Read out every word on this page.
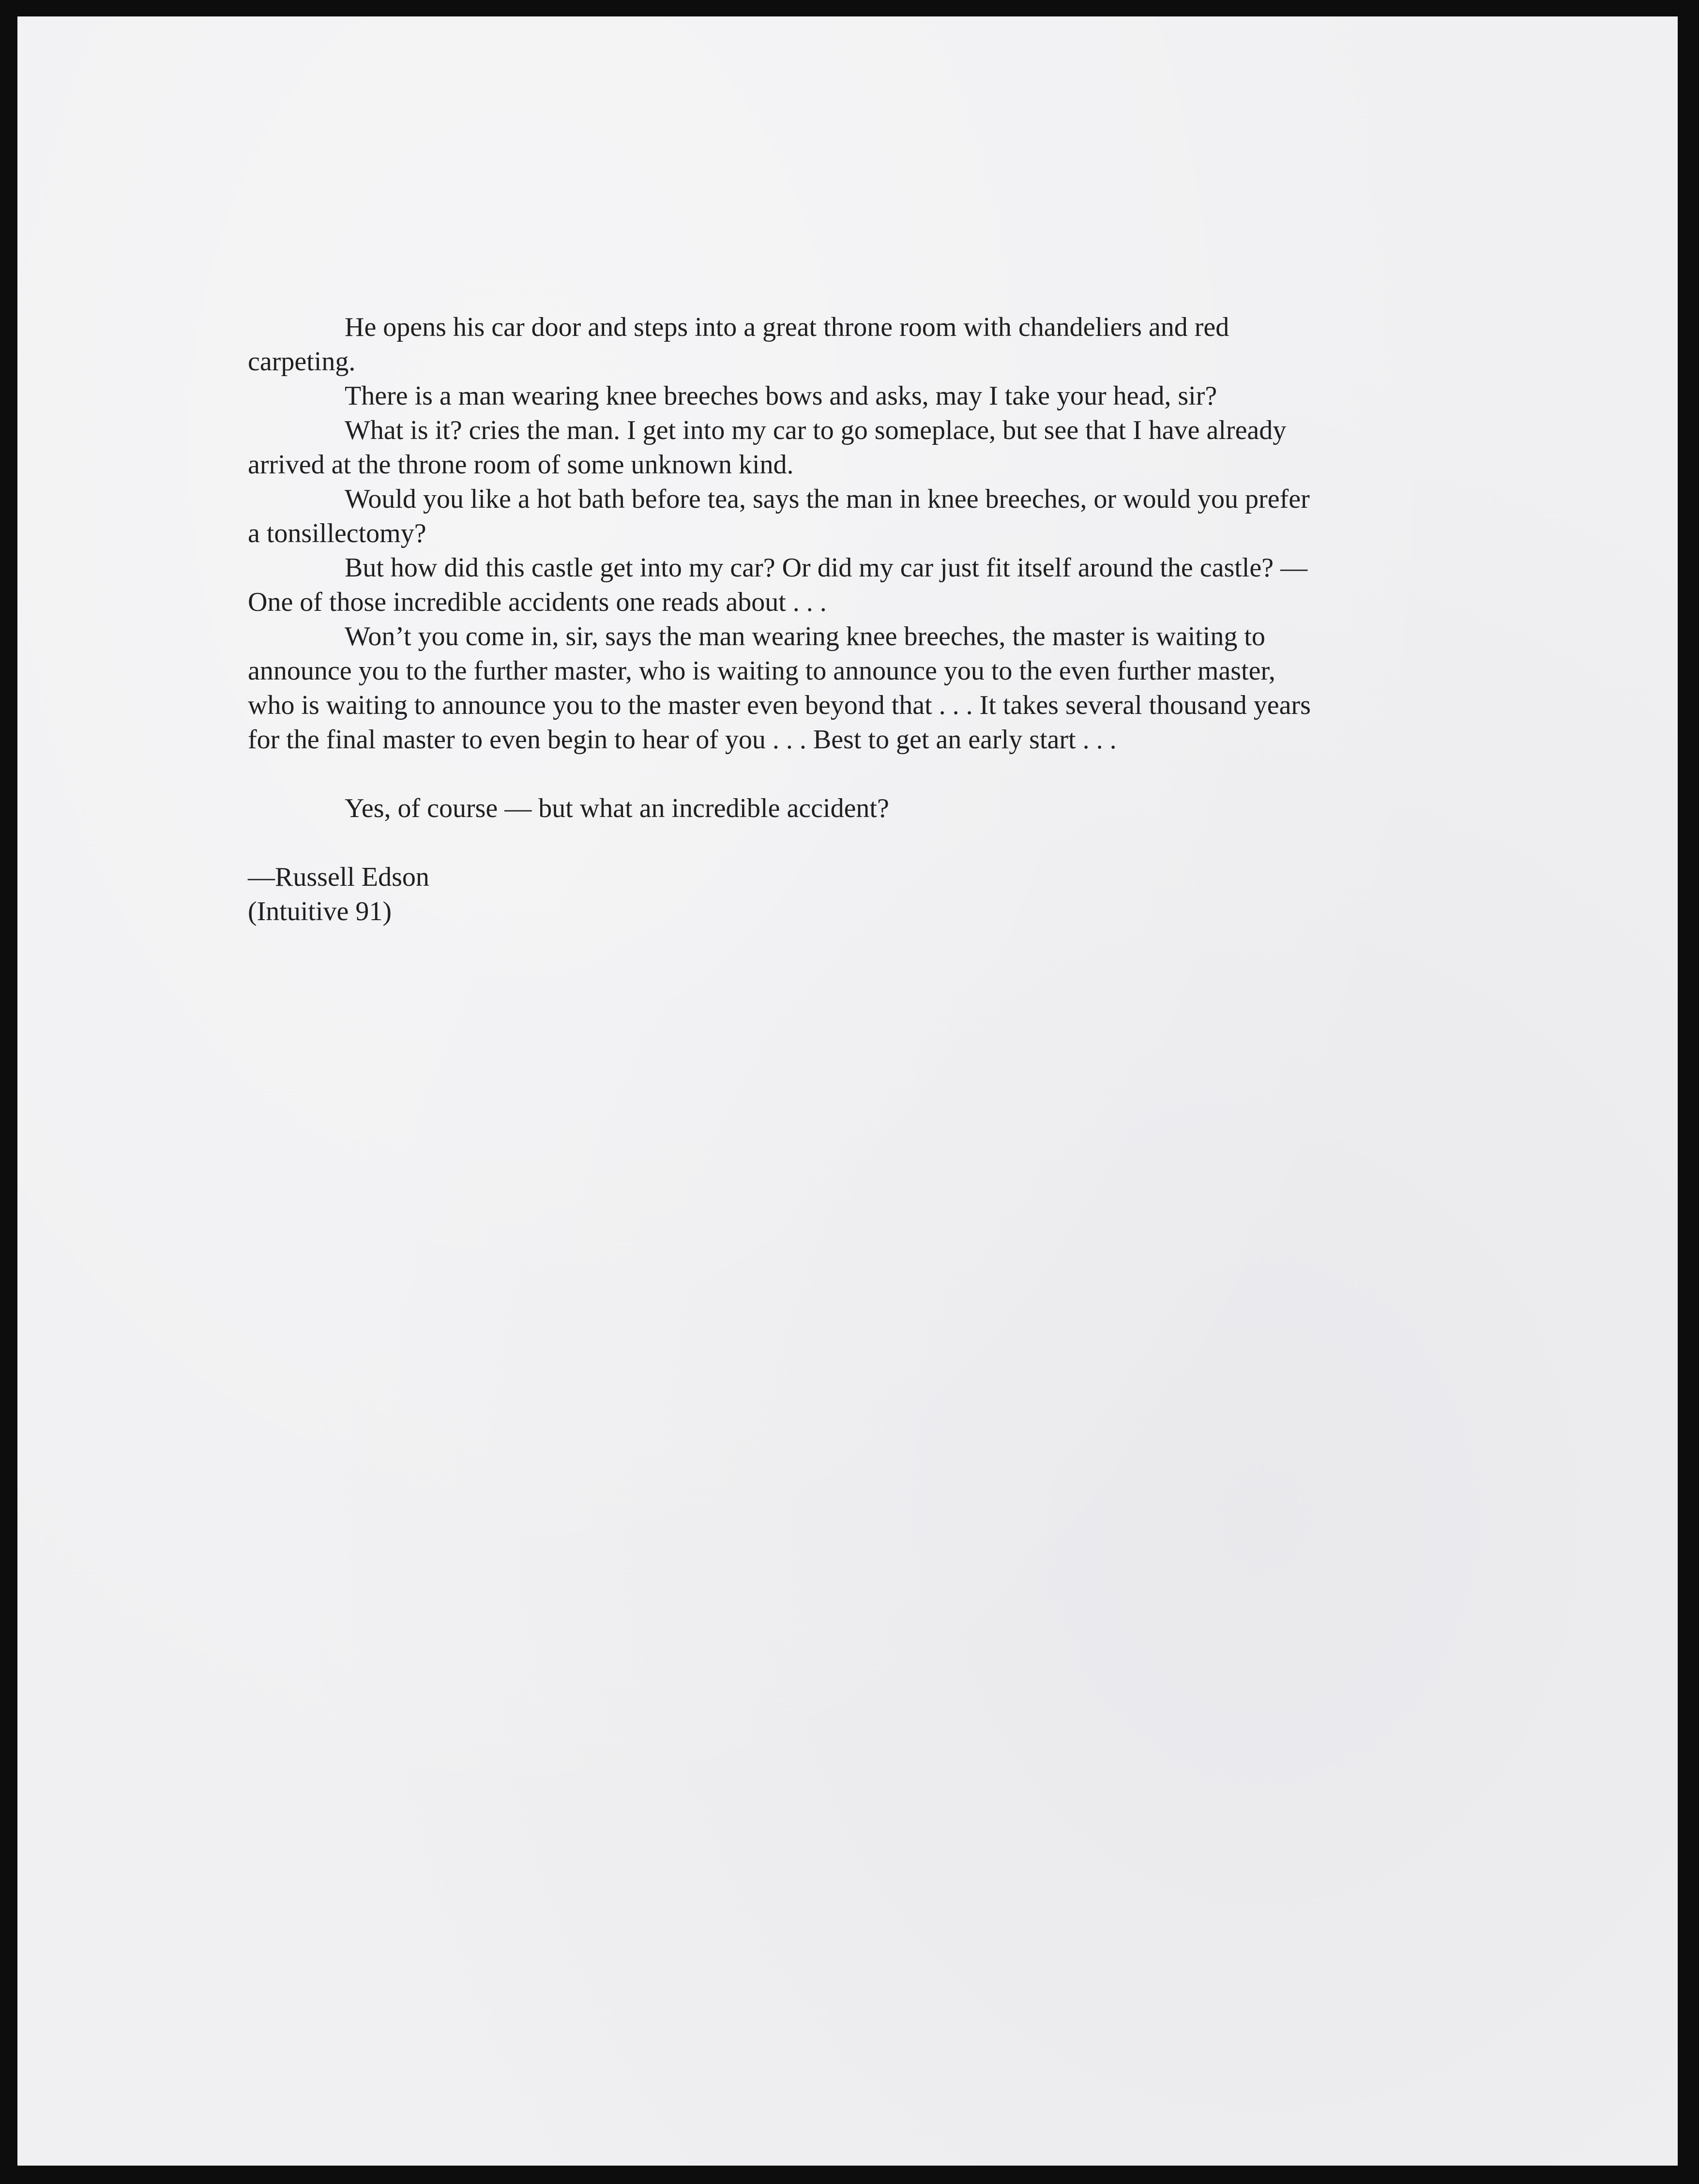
He opens his car door and steps into a great throne room with chandeliers and red
carpeting.

There is a man wearing knee breeches bows and asks, may I take your head, sir?

What is it? cries the man. I get into my car to go someplace, but see that I have already
arrived at the throne room of some unknown kind.

Would you like a hot bath before tea, says the man in knee breeches, or would you prefer
a tonsillectomy?

But how did this castle get into my car? Or did my car just fit itself around the castle? —
One of those incredible accidents one reads about . . .

Won’t you come in, sir, says the man wearing knee breeches, the master is waiting to
announce you to the further master, who is waiting to announce you to the even further master,
who is waiting to announce you to the master even beyond that . . . It takes several thousand years
for the final master to even begin to hear of you . . . Best to get an early start . . .

Yes, of course — but what an incredible accident?

—Russell Edson

(Intuitive 91)
